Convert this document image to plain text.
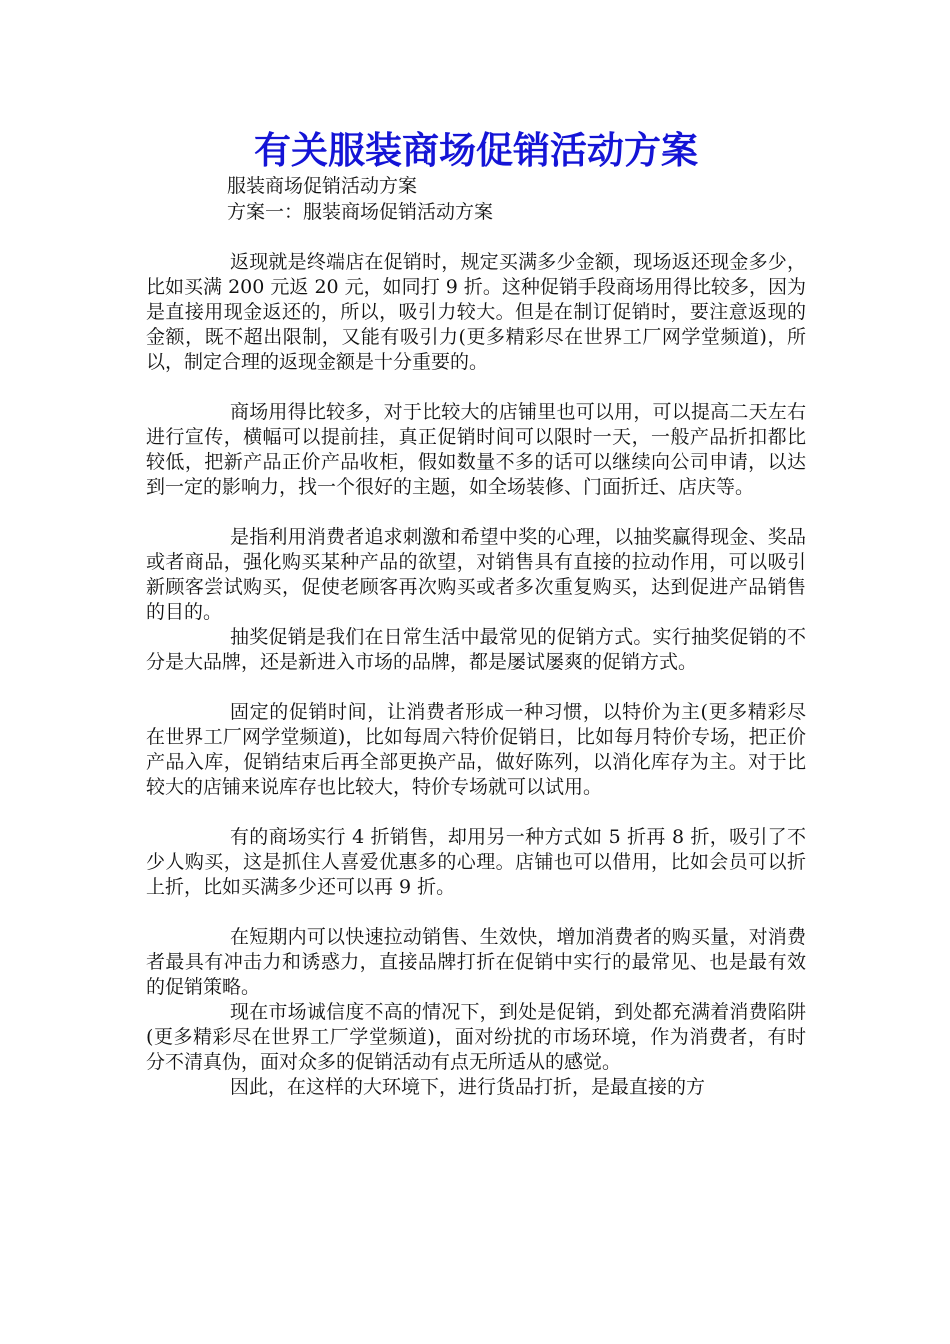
有关服装商场促销活动方案
服装商场促销活动方案
方案一：服装商场促销活动方案

返现就是终端店在促销时，规定买满多少金额，现场返还现金多少，比如买满 200 元返 20 元，如同打 9 折。这种促销手段商场用得比较多，因为是直接用现金返还的，所以，吸引力较大。但是在制订促销时，要注意返现的金额，既不超出限制，又能有吸引力(更多精彩尽在世界工厂网学堂频道)，所以，制定合理的返现金额是十分重要的。

商场用得比较多，对于比较大的店铺里也可以用，可以提高二天左右进行宣传，横幅可以提前挂，真正促销时间可以限时一天，一般产品折扣都比较低，把新产品正价产品收柜，假如数量不多的话可以继续向公司申请，以达到一定的影响力，找一个很好的主题，如全场装修、门面折迁、店庆等。

是指利用消费者追求刺激和希望中奖的心理，以抽奖赢得现金、奖品或者商品，强化购买某种产品的欲望，对销售具有直接的拉动作用，可以吸引新顾客尝试购买，促使老顾客再次购买或者多次重复购买，达到促进产品销售的目的。

抽奖促销是我们在日常生活中最常见的促销方式。实行抽奖促销的不分是大品牌，还是新进入市场的品牌，都是屡试屡爽的促销方式。

固定的促销时间，让消费者形成一种习惯，以特价为主(更多精彩尽在世界工厂网学堂频道)，比如每周六特价促销日，比如每月特价专场，把正价产品入库，促销结束后再全部更换产品，做好陈列，以消化库存为主。对于比较大的店铺来说库存也比较大，特价专场就可以试用。

有的商场实行 4 折销售，却用另一种方式如 5 折再 8 折，吸引了不少人购买，这是抓住人喜爱优惠多的心理。店铺也可以借用，比如会员可以折上折，比如买满多少还可以再 9 折。

在短期内可以快速拉动销售、生效快，增加消费者的购买量，对消费者最具有冲击力和诱惑力，直接品牌打折在促销中实行的最常见、也是最有效的促销策略。

现在市场诚信度不高的情况下，到处是促销，到处都充满着消费陷阱(更多精彩尽在世界工厂学堂频道)，面对纷扰的市场环境，作为消费者，有时分不清真伪，面对众多的促销活动有点无所适从的感觉。

因此，在这样的大环境下，进行货品打折，是最直接的方
